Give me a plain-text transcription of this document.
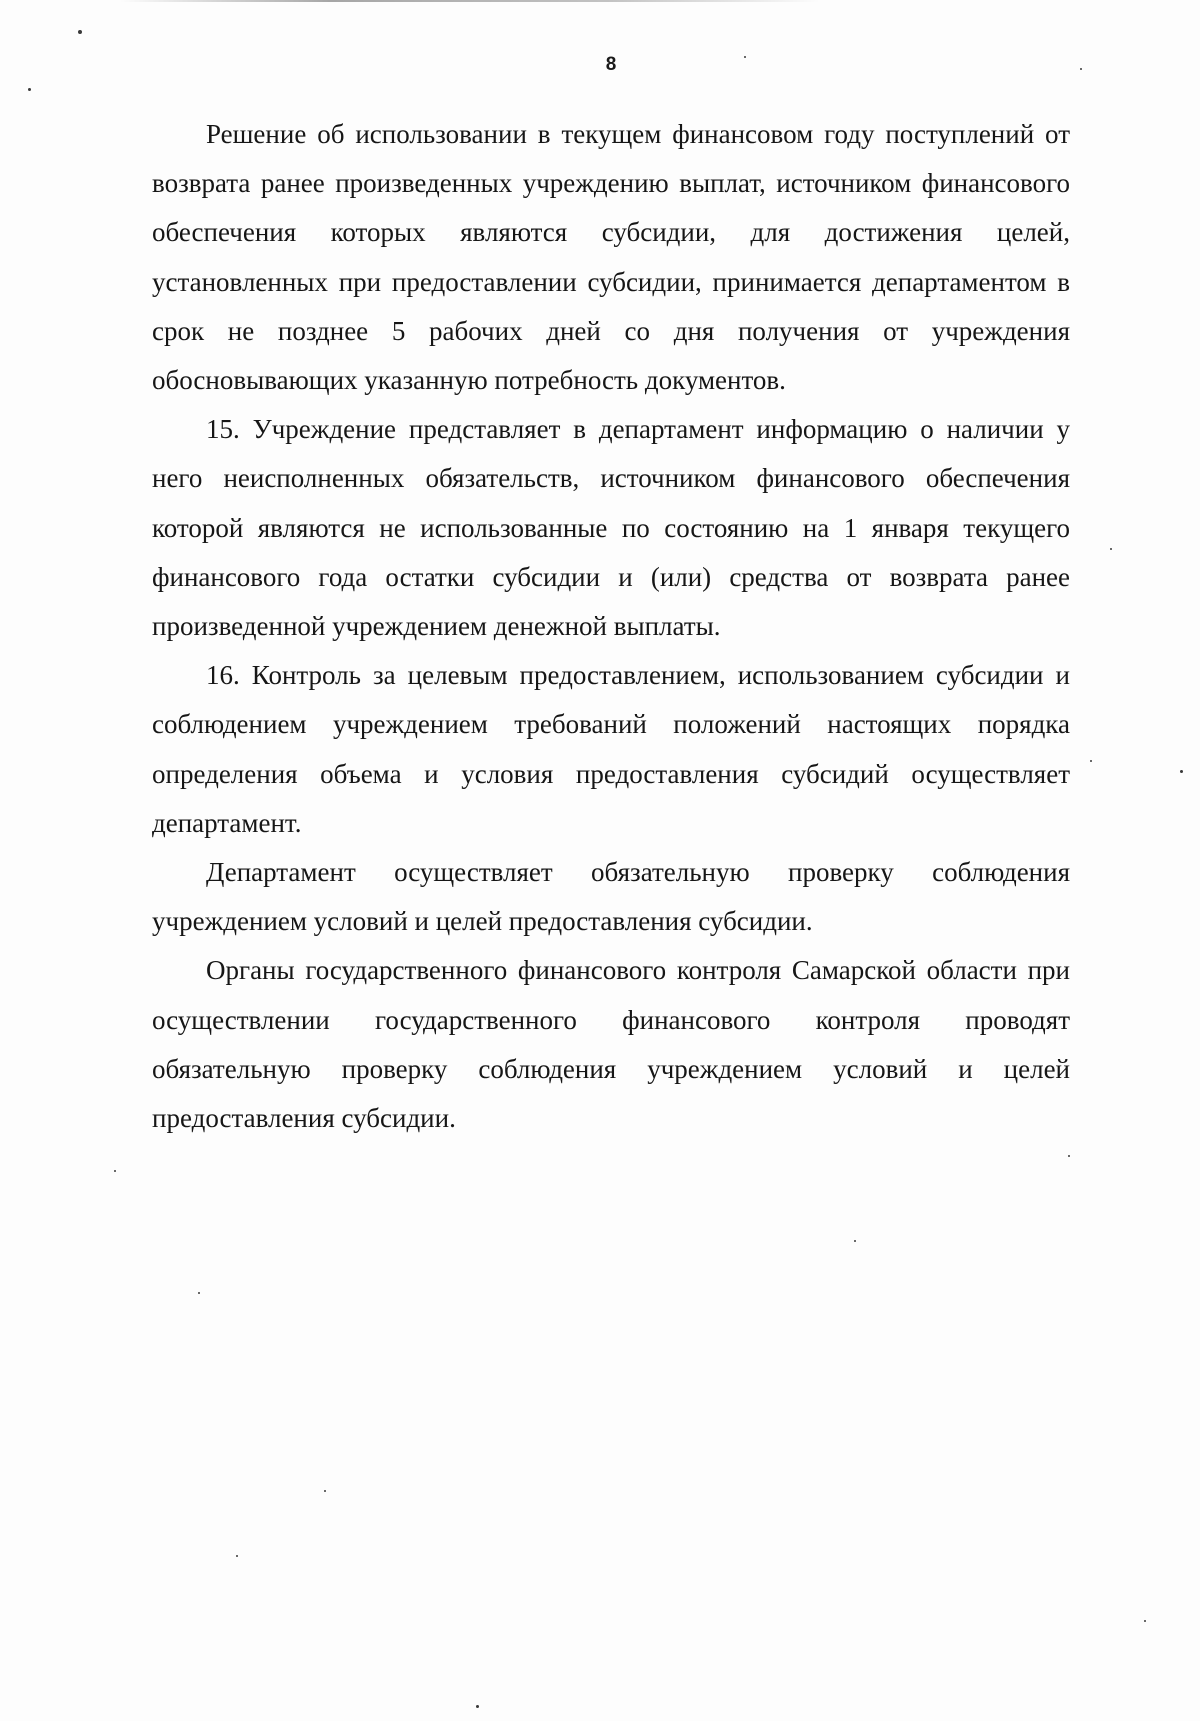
8

Решение об использовании в текущем финансовом году поступлений от возврата ранее произведенных учреждению выплат, источником финансового обеспечения которых являются субсидии, для достижения целей, установленных при предоставлении субсидии, принимается департаментом в срок не позднее 5 рабочих дней со дня получения от учреждения обосновывающих указанную потребность документов.

15. Учреждение представляет в департамент информацию о наличии у него неисполненных обязательств, источником финансового обеспечения которой являются не использованные по состоянию на 1 января текущего финансового года остатки субсидии и (или) средства от возврата ранее произведенной учреждением денежной выплаты.

16. Контроль за целевым предоставлением, использованием субсидии и соблюдением учреждением требований положений настоящих порядка определения объема и условия предоставления субсидий осуществляет департамент.

Департамент осуществляет обязательную проверку соблюдения учреждением условий и целей предоставления субсидии.

Органы государственного финансового контроля Самарской области при осуществлении государственного финансового контроля проводят обязательную проверку соблюдения учреждением условий и целей предоставления субсидии.
